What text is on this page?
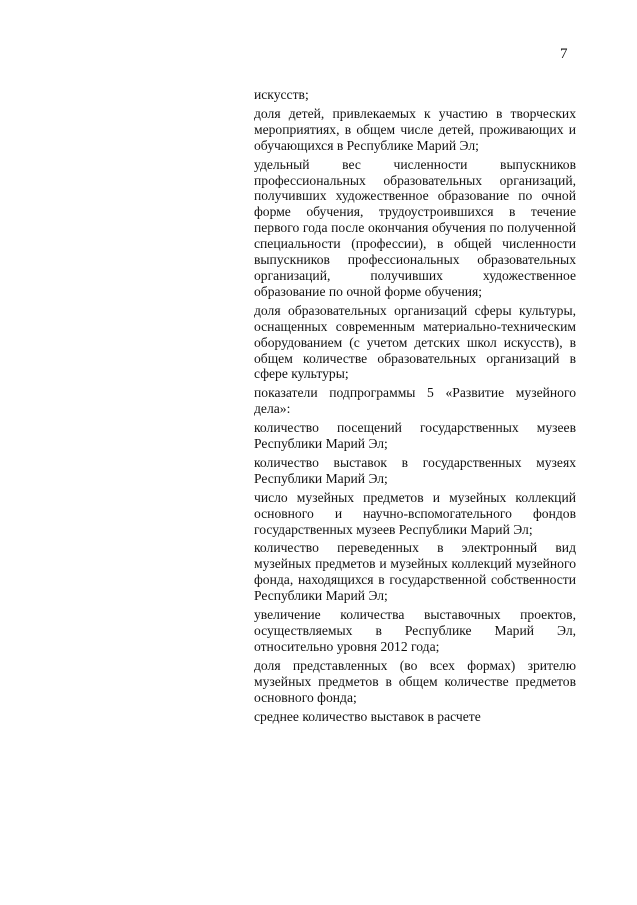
7

искусств;

доля детей, привлекаемых к участию в творческих мероприятиях, в общем числе детей, проживающих и обучающихся в Республике Марий Эл;

удельный вес численности выпускников профессиональных образовательных организаций, получивших художественное образование по очной форме обучения, трудоустроившихся в течение первого года после окончания обучения по полученной специальности (профессии), в общей численности выпускников профессиональных образовательных организаций, получивших художественное образование по очной форме обучения;

доля образовательных организаций сферы культуры, оснащенных современным материально-техническим оборудованием (с учетом детских школ искусств), в общем количестве образовательных организаций в сфере культуры;

показатели подпрограммы 5 «Развитие музейного дела»:

количество посещений государственных музеев Республики Марий Эл;

количество выставок в государственных музеях Республики Марий Эл;

число музейных предметов и музейных коллекций основного и научно-вспомогательного фондов государственных музеев Республики Марий Эл;

количество переведенных в электронный вид музейных предметов и музейных коллекций музейного фонда, находящихся в государственной собственности Республики Марий Эл;

увеличение количества выставочных проектов, осуществляемых в Республике Марий Эл, относительно уровня 2012 года;

доля представленных (во всех формах) зрителю музейных предметов в общем количестве предметов основного фонда;

среднее количество выставок в расчете
